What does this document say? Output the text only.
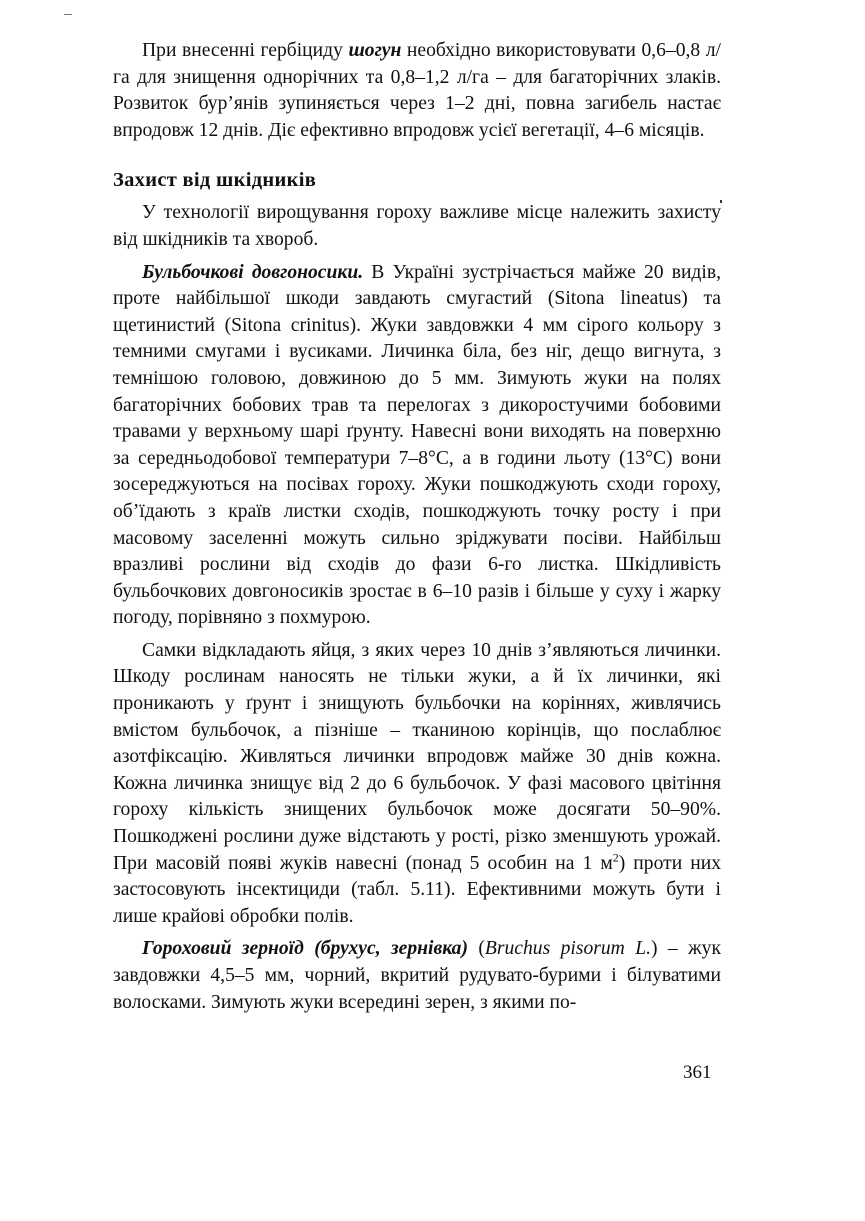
При внесенні гербіциду шогун необхідно використовувати 0,6–0,8 л/га для знищення однорічних та 0,8–1,2 л/га – для багаторічних злаків. Розвиток бур’янів зупиняється через 1–2 дні, повна загибель настає впродовж 12 днів. Діє ефективно впродовж усієї вегетації, 4–6 місяців.

Захист від шкідників

У технології вирощування гороху важливе місце належить захисту від шкідників та хвороб.

Бульбочкові довгоносики. В Україні зустрічається майже 20 видів, проте найбільшої шкоди завдають смугастий (Sitona lineatus) та щетинистий (Sitona crinitus). Жуки завдовжки 4 мм сірого кольору з темними смугами і вусиками. Личинка біла, без ніг, дещо вигнута, з темнішою головою, довжиною до 5 мм. Зимують жуки на полях багаторічних бобових трав та перелогах з дикоростучими бобовими травами у верхньому шарі ґрунту. Навесні вони виходять на поверхню за середньодобової температури 7–8°С, а в години льоту (13°С) вони зосереджуються на посівах гороху. Жуки пошкоджують сходи гороху, об’їдають з країв листки сходів, пошкоджують точку росту і при масовому заселенні можуть сильно зріджувати посіви. Найбільш вразливі рослини від сходів до фази 6-го листка. Шкідливість бульбочкових довгоносиків зростає в 6–10 разів і більше у суху і жарку погоду, порівняно з похмурою.

Самки відкладають яйця, з яких через 10 днів з’являються личинки. Шкоду рослинам наносять не тільки жуки, а й їх личинки, які проникають у ґрунт і знищують бульбочки на коріннях, живлячись вмістом бульбочок, а пізніше – тканиною корінців, що послаблює азотфіксацію. Живляться личинки впродовж майже 30 днів кожна. Кожна личинка знищує від 2 до 6 бульбочок. У фазі масового цвітіння гороху кількість знищених бульбочок може досягати 50–90%. Пошкоджені рослини дуже відстають у рості, різко зменшують урожай. При масовій появі жуків навесні (понад 5 особин на 1 $м^2$) проти них застосовують інсектициди (табл. 5.11). Ефективними можуть бути і лише крайові обробки полів.

Гороховий зерноїд (брухус, зернівка) (Bruchus pisorum L.) – жук завдовжки 4,5–5 мм, чорний, вкритий рудувато-бурими і білуватими волосками. Зимують жуки всередині зерен, з якими по-

361
